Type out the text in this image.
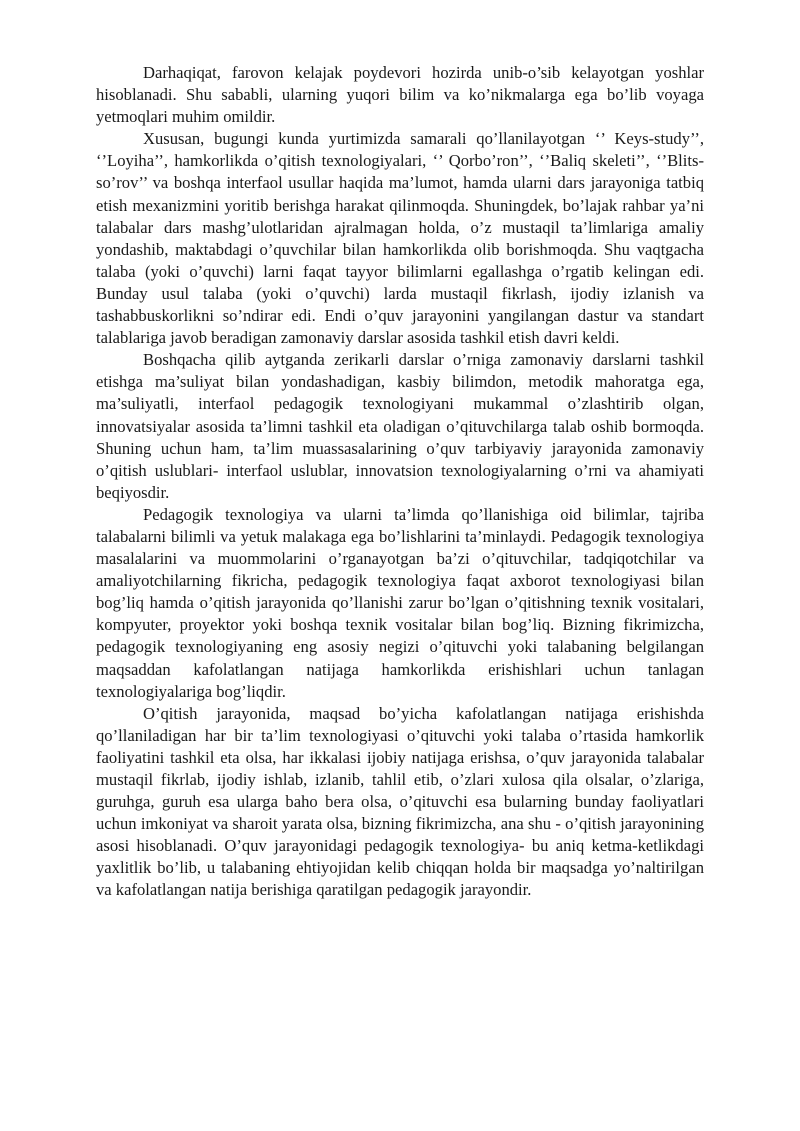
Darhaqiqat, farovon kelajak poydevori hozirda unib-o’sib kelayotgan yoshlar hisoblanadi. Shu sababli, ularning yuqori bilim va ko’nikmalarga ega bo’lib voyaga yetmoqlari muhim omildir.

Xususan, bugungi kunda yurtimizda samarali qo’llanilayotgan ‘’ Keys-study’’, ‘’Loyiha’’, hamkorlikda o’qitish texnologiyalari, ‘’ Qorbo’ron’’, ‘’Baliq skeleti’’, ‘’Blits-so’rov’’ va boshqa interfaol usullar haqida ma’lumot, hamda ularni dars jarayoniga tatbiq etish mexanizmini yoritib berishga harakat qilinmoqda. Shuningdek, bo’lajak rahbar ya’ni talabalar dars mashg’ulotlaridan ajralmagan holda, o’z mustaqil ta’limlariga amaliy yondashib, maktabdagi o’quvchilar bilan hamkorlikda olib borishmoqda. Shu vaqtgacha talaba (yoki o’quvchi) larni faqat tayyor bilimlarni egallashga o’rgatib kelingan edi. Bunday usul talaba (yoki o’quvchi) larda mustaqil fikrlash, ijodiy izlanish va tashabbuskorlikni so’ndirar edi. Endi o’quv jarayonini yangilangan dastur va standart talablariga javob beradigan zamonaviy darslar asosida tashkil etish davri keldi.

Boshqacha qilib aytganda zerikarli darslar o’rniga zamonaviy darslarni tashkil etishga ma’suliyat bilan yondashadigan, kasbiy bilimdon, metodik mahoratga ega, ma’suliyatli, interfaol pedagogik texnologiyani mukammal o’zlashtirib olgan, innovatsiyalar asosida ta’limni tashkil eta oladigan o’qituvchilarga talab oshib bormoqda. Shuning uchun ham, ta’lim muassasalarining o’quv tarbiyaviy jarayonida zamonaviy o’qitish uslublari- interfaol uslublar, innovatsion texnologiyalarning o’rni va ahamiyati beqiyosdir.

Pedagogik texnologiya va ularni ta’limda qo’llanishiga oid bilimlar, tajriba talabalarni bilimli va yetuk malakaga ega bo’lishlarini ta’minlaydi. Pedagogik texnologiya masalalarini va muommolarini o’rganayotgan ba’zi o’qituvchilar, tadqiqotchilar va amaliyotchilarning fikricha, pedagogik texnologiya faqat axborot texnologiyasi bilan bog’liq hamda o’qitish jarayonida qo’llanishi zarur bo’lgan o’qitishning texnik vositalari, kompyuter, proyektor yoki boshqa texnik vositalar bilan bog’liq. Bizning fikrimizcha, pedagogik texnologiyaning eng asosiy negizi o’qituvchi yoki talabaning belgilangan maqsaddan kafolatlangan natijaga hamkorlikda erishishlari uchun tanlagan texnologiyalariga bog’liqdir.

O’qitish jarayonida, maqsad bo’yicha kafolatlangan natijaga erishishda qo’llaniladigan har bir ta’lim texnologiyasi o’qituvchi yoki talaba o’rtasida hamkorlik faoliyatini tashkil eta olsa, har ikkalasi ijobiy natijaga erishsa, o’quv jarayonida talabalar mustaqil fikrlab, ijodiy ishlab, izlanib, tahlil etib, o’zlari xulosa qila olsalar, o’zlariga, guruhga, guruh esa ularga baho bera olsa, o’qituvchi esa bularning bunday faoliyatlari uchun imkoniyat va sharoit yarata olsa, bizning fikrimizcha, ana shu - o’qitish jarayonining asosi hisoblanadi. O’quv jarayonidagi pedagogik texnologiya- bu aniq ketma-ketlikdagi yaxlitlik bo’lib, u talabaning ehtiyojidan kelib chiqqan holda bir maqsadga yo’naltirilgan va kafolatlangan natija berishiga qaratilgan pedagogik jarayondir.
